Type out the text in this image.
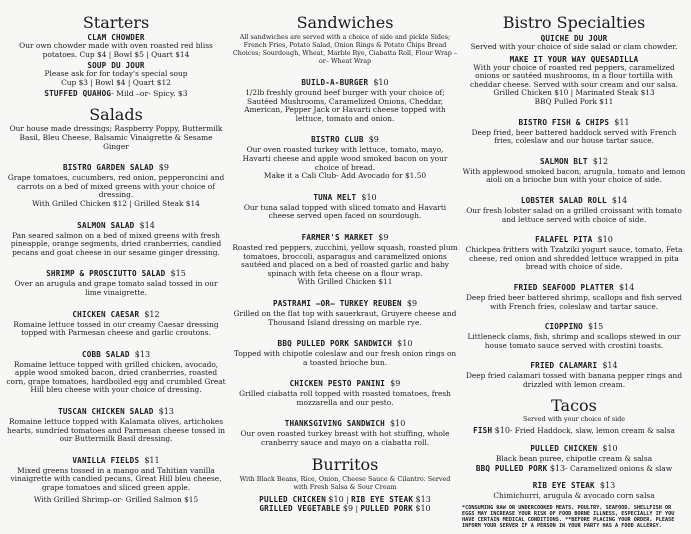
Starters
CLAM CHOWDER
Our own chowder made with oven roasted red bliss potatoes. Cup $4 | Bowl $5 | Quart $14
SOUP DU JOUR
Please ask for for today's special soup
Cup $3 | Bowl $4 | Quart $12
STUFFED QUAHOG- Mild –or- Spicy. $3
Salads
Our house made dressings; Raspberry Poppy, Buttermilk Basil, Bleu Cheese, Balsamic Vinaigrette & Sesame Ginger
BISTRO GARDEN SALAD $9
Grape tomatoes, cucumbers, red onion, pepperoncini and carrots on a bed of mixed greens with your choice of dressing.
With Grilled Chicken $12 | Grilled Steak $14
SALMON SALAD $14
Pan seared salmon on a bed of mixed greens with fresh pineapple, orange segments, dried cranberries, candied pecans and goat cheese in our sesame ginger dressing.
SHRIMP & PROSCIUTTO SALAD $15
Over an arugula and grape tomato salad tossed in our lime vinaigrette.
CHICKEN CAESAR $12
Romaine lettuce tossed in our creamy Caesar dressing topped with Parmesan cheese and garlic croutons.
COBB SALAD $13
Romaine lettuce topped with grilled chicken, avocado, apple wood smoked bacon, dried cranberries, roasted corn, grape tomatoes, hardboiled egg and crumbled Great Hill bleu cheese with your choice of dressing.
TUSCAN CHICKEN SALAD $13
Romaine lettuce topped with Kalamata olives, artichokes hearts, sundried tomatoes and Parmesan cheese tossed in our Buttermilk Basil dressing.
VANILLA FIELDS $11
Mixed greens tossed in a mango and Tahitian vanilla vinaigrette with candied pecans, Great Hill bleu cheese, grape tomatoes and sliced green apple.
With Grilled Shrimp–or- Grilled Salmon $15
Sandwiches
All sandwiches are served with a choice of side and pickle Sides; French Fries, Potato Salad, Onion Rings & Potato Chips Bread Choices; Sourdough, Wheat, Marble Rye, Ciabatta Roll, Flour Wrap –or– Wheat Wrap
BUILD-A-BURGER $10
1/2lb freshly ground beef burger with your choice of; Sautéed Mushrooms, Caramelized Onions, Cheddar, American, Pepper Jack or Havarti cheese topped with lettuce, tomato and onion.
BISTRO CLUB $9
Our oven roasted turkey with lettuce, tomato, mayo, Havarti cheese and apple wood smoked bacon on your choice of bread.
Make it a Cali Club- Add Avocado for $1.50
TUNA MELT $10
Our tuna salad topped with sliced tomato and Havarti cheese served open faced on sourdough.
FARMER'S MARKET $9
Roasted red peppers, zucchini, yellow squash, roasted plum tomatoes, broccoli, asparagus and caramelized onions sautéed and placed on a bed of roasted garlic and baby spinach with feta cheese on a flour wrap.
With Grilled Chicken $11
PASTRAMI –OR– TURKEY REUBEN $9
Grilled on the flat top with sauerkraut, Gruyere cheese and Thousand Island dressing on marble rye.
BBQ PULLED PORK SANDWICH $10
Topped with chipotle coleslaw and our fresh onion rings on a toasted brioche bun.
CHICKEN PESTO PANINI $9
Grilled ciabatta roll topped with roasted tomatoes, fresh mozzarella and our pesto.
THANKSGIVING SANDWICH $10
Our oven roasted turkey breast with hot stuffing, whole cranberry sauce and mayo on a ciabatta roll.
Burritos
With Black Beans, Rice, Onion, Cheese Sauce & Cilantro. Served with Fresh Salsa & Sour Cream
PULLED CHICKEN $10 | RIB EYE STEAK $13
GRILLED VEGETABLE $9 | PULLED PORK $10
Bistro Specialties
QUICHE DU JOUR
Served with your choice of side salad or clam chowder.
MAKE IT YOUR WAY QUESADILLA
With your choice of roasted red peppers, caramelized onions or sautéed mushrooms, in a flour tortilla with cheddar cheese. Served with sour cream and our salsa.
Grilled Chicken $10 | Marinated Steak $13
BBQ Pulled Pork $11
BISTRO FISH & CHIPS $11
Deep fried, beer battered haddock served with French fries, coleslaw and our house tartar sauce.
SALMON BLT $12
With applewood smoked bacon, arugula, tomato and lemon aioli on a brioche bun with your choice of side.
LOBSTER SALAD ROLL $14
Our fresh lobster salad on a grilled croissant with tomato and lettuce served with choice of side.
FALAFEL PITA $10
Chickpea fritters with Tzatziki yogurt sauce, tomato, Feta cheese, red onion and shredded lettuce wrapped in pita bread with choice of side.
FRIED SEAFOOD PLATTER $14
Deep fried beer battered shrimp, scallops and fish served with French fries, coleslaw and tartar sauce.
CIOPPINO $15
Littleneck clams, fish, shrimp and scallops stewed in our house tomato sauce served with crostini toasts.
FRIED CALAMARI $14
Deep fried calamari tossed with banana pepper rings and drizzled with lemon cream.
Tacos
Served with your choice of side
FISH $10- Fried Haddock, slaw, lemon cream & salsa
PULLED CHICKEN $10
Black bean puree, chipotle cream & salsa
BBQ PULLED PORK $13- Caramelized onions & slaw
RIB EYE STEAK $13
Chimichurri, arugula & avocado corn salsa
*CONSUMING RAW OR UNDERCOOKED MEATS, POULTRY, SEAFOOD, SHELLFISH OR EGGS MAY INCREASE YOUR RISK OF FOOD BORNE ILLNESS, ESPECIALLY IF YOU HAVE CERTAIN MEDICAL CONDITIONS. **BEFORE PLACING YOUR ORDER, PLEASE INFORM YOUR SERVER IF A PERSON IN YOUR PARTY HAS A FOOD ALLERGY.
